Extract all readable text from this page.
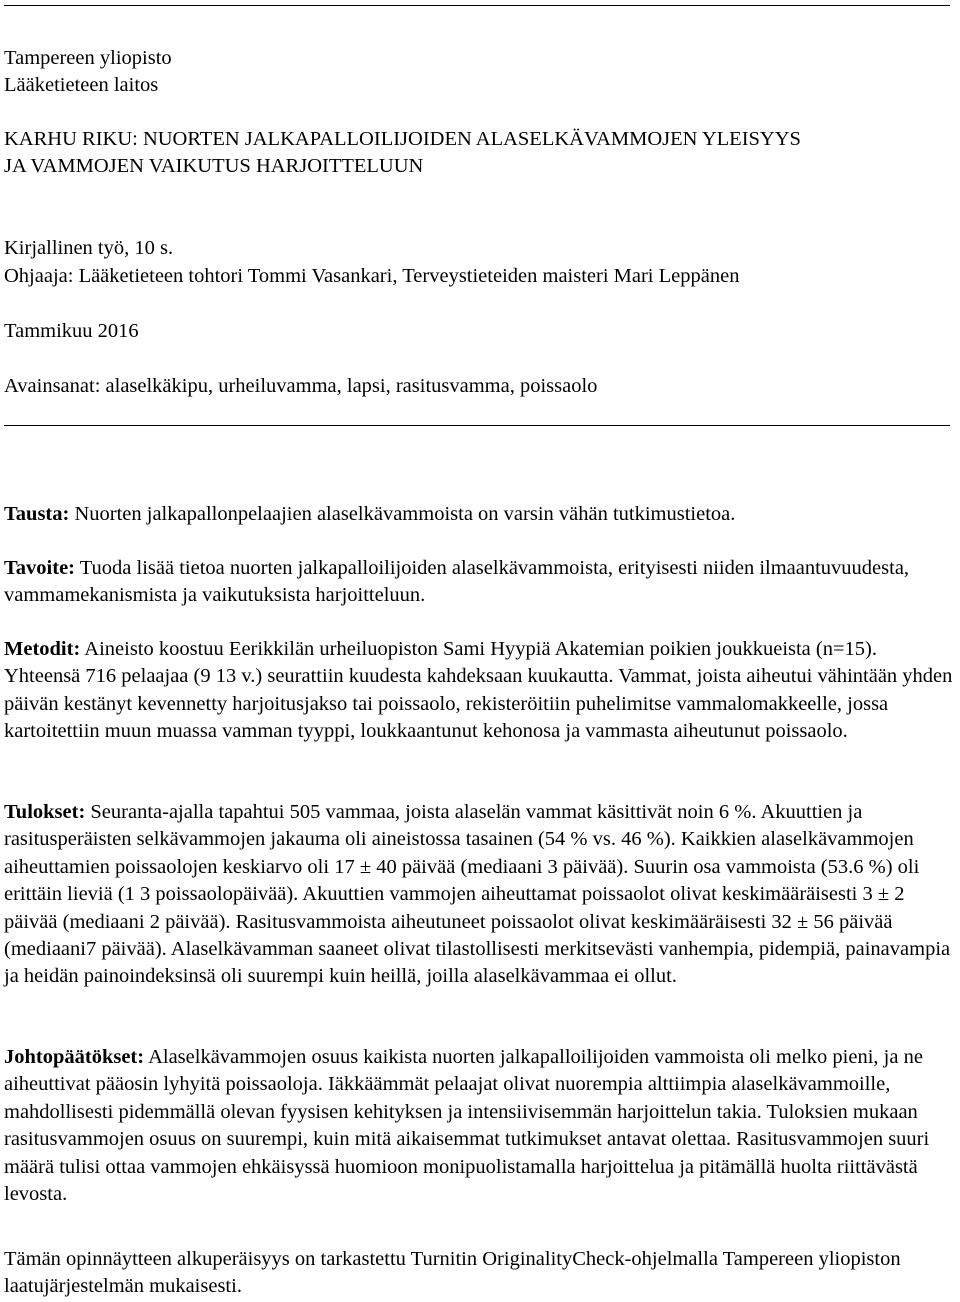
Tampereen yliopisto
Lääketieteen laitos
KARHU RIKU: NUORTEN JALKAPALLOILIJOIDEN ALASELKÄVAMMOJEN YLEISYYS
JA VAMMOJEN VAIKUTUS HARJOITTELUUN
Kirjallinen työ, 10 s.
Ohjaaja: Lääketieteen tohtori Tommi Vasankari, Terveystieteiden maisteri Mari Leppänen
Tammikuu 2016
Avainsanat: alaselkäkipu, urheiluvamma, lapsi, rasitusvamma, poissaolo
Tausta: Nuorten jalkapallonpelaajien alaselkävammoista on varsin vähän tutkimustietoa.
Tavoite: Tuoda lisää tietoa nuorten jalkapalloilijoiden alaselkävammoista, erityisesti niiden ilmaantuvuudesta, vammamekanismista ja vaikutuksista harjoitteluun.
Metodit: Aineisto koostuu Eerikkilän urheiluopiston Sami Hyypiä Akatemian poikien joukkueista (n=15). Yhteensä 716 pelaajaa (9 13 v.) seurattiin kuudesta kahdeksaan kuukautta. Vammat, joista aiheutui vähintään yhden päivän kestänyt kevennetty harjoitusjakso tai poissaolo, rekisteröitiin puhelimitse vammalomakkeelle, jossa kartoitettiin muun muassa vamman tyyppi, loukkaantunut kehonosa ja vammasta aiheutunut poissaolo.
Tulokset: Seuranta-ajalla tapahtui 505 vammaa, joista alaselän vammat käsittivät noin 6 %. Akuuttien ja rasitusperäisten selkävammojen jakauma oli aineistossa tasainen (54 % vs. 46 %). Kaikkien alaselkävammojen aiheuttamien poissaolojen keskiarvo oli 17 ± 40 päivää (mediaani 3 päivää). Suurin osa vammoista (53.6 %) oli erittäin lieviä (1 3 poissaolopäivää). Akuuttien vammojen aiheuttamat poissaolot olivat keskimääräisesti 3 ± 2 päivää (mediaani 2 päivää). Rasitusvammoista aiheutuneet poissaolot olivat keskimääräisesti 32 ± 56 päivää (mediaani7 päivää). Alaselkävamman saaneet olivat tilastollisesti merkitsevästi vanhempia, pidempiä, painavampia ja heidän painoindeksinsä oli suurempi kuin heillä, joilla alaselkävammaa ei ollut.
Johtopäätökset: Alaselkävammojen osuus kaikista nuorten jalkapalloilijoiden vammoista oli melko pieni, ja ne aiheuttivat pääosin lyhyitä poissaoloja. Iäkkäämmät pelaajat olivat nuorempia alttiimpia alaselkävammoille, mahdollisesti pidemmällä olevan fyysisen kehityksen ja intensiivisemmän harjoittelun takia. Tuloksien mukaan rasitusvammojen osuus on suurempi, kuin mitä aikaisemmat tutkimukset antavat olettaa. Rasitusvammojen suuri määrä tulisi ottaa vammojen ehkäisyssä huomioon monipuolistamalla harjoittelua ja pitämällä huolta riittävästä levosta.
Tämän opinnäytteen alkuperäisyys on tarkastettu Turnitin OriginalityCheck-ohjelmalla Tampereen yliopiston laatujärjestelmän mukaisesti.
